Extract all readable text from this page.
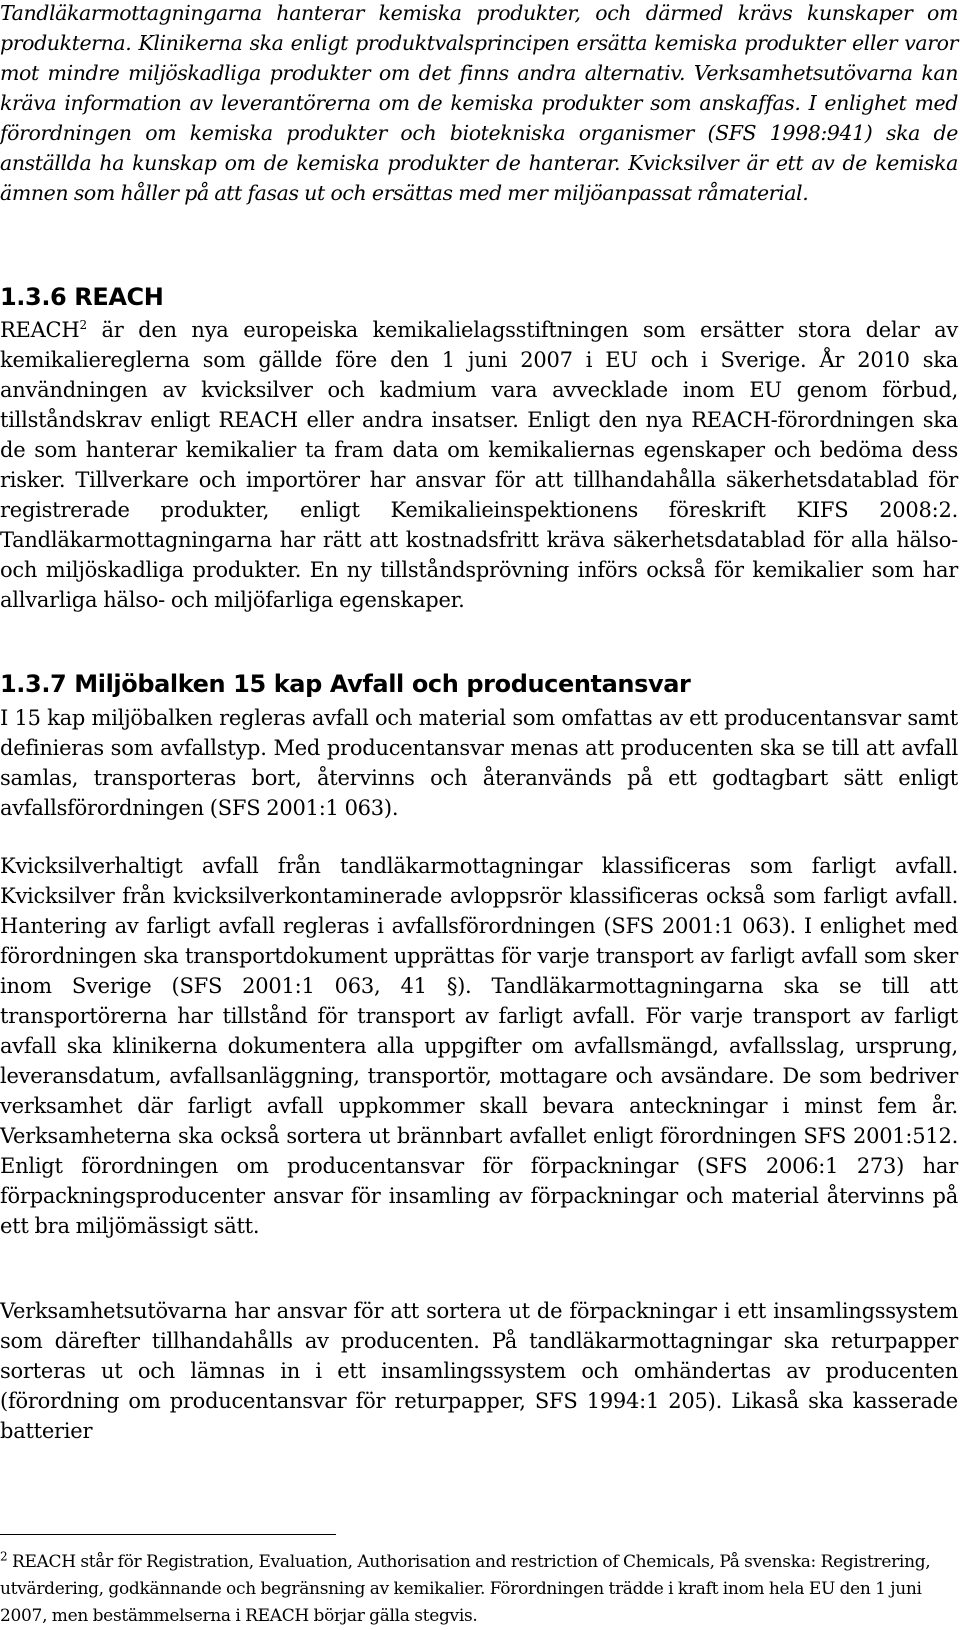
Tandläkarmottagningarna hanterar kemiska produkter, och därmed krävs kunskaper om produkterna. Klinikerna ska enligt produktvalsprincipen ersätta kemiska produkter eller varor mot mindre miljöskadliga produkter om det finns andra alternativ. Verksamhetsutövarna kan kräva information av leverantörerna om de kemiska produkter som anskaffas. I enlighet med förordningen om kemiska produkter och biotekniska organismer (SFS 1998:941) ska de anställda ha kunskap om de kemiska produkter de hanterar. Kvicksilver är ett av de kemiska ämnen som håller på att fasas ut och ersättas med mer miljöanpassat råmaterial.

1.3.6 REACH

REACH$^2$ är den nya europeiska kemikalielagsstiftningen som ersätter stora delar av kemikaliereglerna som gällde före den 1 juni 2007 i EU och i Sverige. År 2010 ska användningen av kvicksilver och kadmium vara avvecklade inom EU genom förbud, tillståndskrav enligt REACH eller andra insatser. Enligt den nya REACH-förordningen ska de som hanterar kemikalier ta fram data om kemikaliernas egenskaper och bedöma dess risker. Tillverkare och importörer har ansvar för att tillhandahålla säkerhetsdatablad för registrerade produkter, enligt Kemikalieinspektionens föreskrift KIFS 2008:2. Tandläkarmottagningarna har rätt att kostnadsfritt kräva säkerhetsdatablad för alla hälso- och miljöskadliga produkter. En ny tillståndsprövning införs också för kemikalier som har allvarliga hälso- och miljöfarliga egenskaper.

1.3.7 Miljöbalken 15 kap Avfall och producentansvar

I 15 kap miljöbalken regleras avfall och material som omfattas av ett producentansvar samt definieras som avfallstyp. Med producentansvar menas att producenten ska se till att avfall samlas, transporteras bort, återvinns och återanvänds på ett godtagbart sätt enligt avfallsförordningen (SFS 2001:1 063).

Kvicksilverhaltigt avfall från tandläkarmottagningar klassificeras som farligt avfall. Kvicksilver från kvicksilverkontaminerade avloppsrör klassificeras också som farligt avfall. Hantering av farligt avfall regleras i avfallsförordningen (SFS 2001:1 063). I enlighet med förordningen ska transportdokument upprättas för varje transport av farligt avfall som sker inom Sverige (SFS 2001:1 063, 41 §). Tandläkarmottagningarna ska se till att transportörerna har tillstånd för transport av farligt avfall. För varje transport av farligt avfall ska klinikerna dokumentera alla uppgifter om avfallsmängd, avfallsslag, ursprung, leveransdatum, avfallsanläggning, transportör, mottagare och avsändare. De som bedriver verksamhet där farligt avfall uppkommer skall bevara anteckningar i minst fem år. Verksamheterna ska också sortera ut brännbart avfallet enligt förordningen SFS 2001:512. Enligt förordningen om producentansvar för förpackningar (SFS 2006:1 273) har förpackningsproducenter ansvar för insamling av förpackningar och material återvinns på ett bra miljömässigt sätt.

Verksamhetsutövarna har ansvar för att sortera ut de förpackningar i ett insamlingssystem som därefter tillhandahålls av producenten. På tandläkarmottagningar ska returpapper sorteras ut och lämnas in i ett insamlingssystem och omhändertas av producenten (förordning om producentansvar för returpapper, SFS 1994:1 205). Likaså ska kasserade batterier

$^2$ REACH står för Registration, Evaluation, Authorisation and restriction of Chemicals, På svenska: Registrering, utvärdering, godkännande och begränsning av kemikalier. Förordningen trädde i kraft inom hela EU den 1 juni 2007, men bestämmelserna i REACH börjar gälla stegvis.
